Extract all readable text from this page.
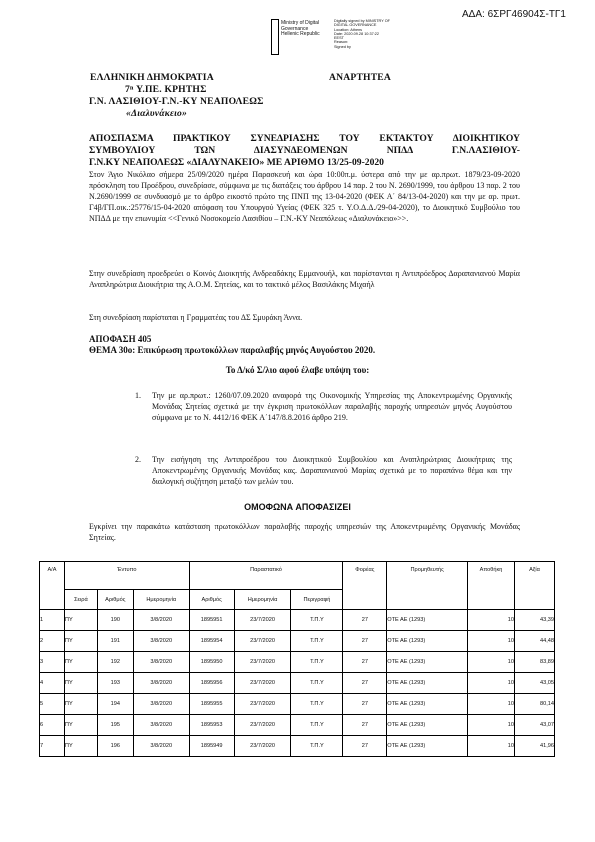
ΑΔΑ: 6ΣΡΓ46904Σ-ΤΓ1
Ministry of Digital
Governance
Hellenic Republic
Digitally signed by MINISTRY OF
DIGITAL GOVERNANCE
Location: Athens
Date: 2020.09.28 10:37:22
EEST
Reason:
Signed by
ΕΛΛΗΝΙΚΗ ΔΗΜΟΚΡΑΤΙΑ	ΑΝΑΡΤΗΤΕΑ
7ⁿ Υ.ΠΕ. ΚΡΗΤΗΣ
Γ.Ν. ΛΑΣΙΘΙΟΥ-Γ.Ν.-ΚΥ ΝΕΑΠΟΛΕΩΣ
«Διαλυνάκειο»
ΑΠΟΣΠΑΣΜΑ ΠΡΑΚΤΙΚΟΥ ΣΥΝΕΔΡΙΑΣΗΣ ΤΟΥ ΕΚΤΑΚΤΟΥ ΔΙΟΙΚΗΤΙΚΟΥ
ΣΥΜΒΟΥΛΙΟΥ ΤΩΝ ΔΙΑΣΥΝΔΕΟΜΕΝΩΝ ΝΠΔΔ Γ.Ν.ΛΑΣΙΘΙΟΥ-
Γ.Ν.ΚΥ ΝΕΑΠΟΛΕΩΣ «ΔΙΑΛΥΝΑΚΕΙΟ» ΜΕ ΑΡΙΘΜΟ 13/25-09-2020
Στον Άγιο Νικόλαο σήμερα 25/09/2020 ημέρα Παρασκευή και ώρα 10:00π.μ. ύστερα από την με αρ.πρωτ. 1879/23-09-2020 πρόσκληση του Προέδρου, συνεδρίασε, σύμφωνα με τις διατάξεις του άρθρου 14 παρ. 2 του Ν. 2690/1999, του άρθρου 13 παρ. 2 του Ν.2690/1999 σε συνδυασμό με το άρθρο εικοστό πρώτο της ΠΝΠ της 13-04-2020 (ΦΕΚ Α΄ 84/13-04-2020) και την με αρ. πρωτ. Γ4β/ΓΠ.οικ.:25776/15-04-2020 απόφαση του Υπουργού Υγείας (ΦΕΚ 325 τ. Υ.Ο.Δ.Δ./29-04-2020), το Διοικητικό Συμβούλιο του ΝΠΔΔ με την επωνυμία <<Γενικό Νοσοκομείο Λασιθίου – Γ.Ν.-ΚΥ Νεαπόλεως «Διαλυνάκειο»>>.
Στην συνεδρίαση προεδρεύει ο Κοινός Διοικητής Ανδρεαδάκης Εμμανουήλ, και παρίστανται η Αντιπρόεδρος Δαραπανιανού Μαρία Αναπληρώτρια Διοικήτρια της Α.Ο.Μ. Σητείας, και το τακτικό μέλος Βασιλάκης Μιχαήλ
Στη συνεδρίαση παρίσταται η Γραμματέας του ΔΣ Σμυράκη Άννα.
ΑΠΟΦΑΣΗ 405
ΘΕΜΑ 30ο: Επικύρωση πρωτοκόλλων παραλαβής μηνός Αυγούστου 2020.
Το Δ/κό Σ/λιο αφού έλαβε υπόψη του:
1. Την με αρ.πρωτ.: 1260/07.09.2020 αναφορά της Οικονομικής Υπηρεσίας της Αποκεντρωμένης Οργανικής Μονάδας Σητείας σχετικά με την έγκριση πρωτοκόλλων παραλαβής παροχής υπηρεσιών μηνός Αυγούστου σύμφωνα με το Ν. 4412/16 ΦΕΚ Α΄147/8.8.2016 άρθρο 219.
2. Την εισήγηση της Αντιπροέδρου του Διοικητικού Συμβουλίου και Αναπληρώτριας Διοικήτριας της Αποκεντρωμένης Οργανικής Μονάδας κας. Δαραπανιανού Μαρίας σχετικά με το παραπάνω θέμα και την διαλογική συζήτηση μεταξύ των μελών του.
ΟΜΟΦΩΝΑ ΑΠΟΦΑΣΙΖΕΙ
Εγκρίνει την παρακάτω κατάσταση πρωτοκόλλων παραλαβής παροχής υπηρεσιών της Αποκεντρωμένης Οργανικής Μονάδας Σητείας.
Α/Α	Έντυπο			Παραστατικό			Φορέας	Προμηθευτής	Αποθήκη	Αξία
	Σειρά	Αριθμός	Ημερομηνία	Αριθμός	Ημερομηνία	Περιγραφή				
1	ΠΥ	190	3/8/2020	1895951	23/7/2020	Τ.Π.Υ	27	ΟΤΕ ΑΕ (1293)	10	43,39
2	ΠΥ	191	3/8/2020	1895954	23/7/2020	Τ.Π.Υ	27	ΟΤΕ ΑΕ (1293)	10	44,48
3	ΠΥ	192	3/8/2020	1895950	23/7/2020	Τ.Π.Υ	27	ΟΤΕ ΑΕ (1293)	10	83,89
4	ΠΥ	193	3/8/2020	1895956	23/7/2020	Τ.Π.Υ	27	ΟΤΕ ΑΕ (1293)	10	43,05
5	ΠΥ	194	3/8/2020	1895955	23/7/2020	Τ.Π.Υ	27	ΟΤΕ ΑΕ (1293)	10	80,14
6	ΠΥ	195	3/8/2020	1895953	23/7/2020	Τ.Π.Υ	27	ΟΤΕ ΑΕ (1293)	10	43,07
7	ΠΥ	196	3/8/2020	1895949	23/7/2020	Τ.Π.Υ	27	ΟΤΕ ΑΕ (1293)	10	41,96
